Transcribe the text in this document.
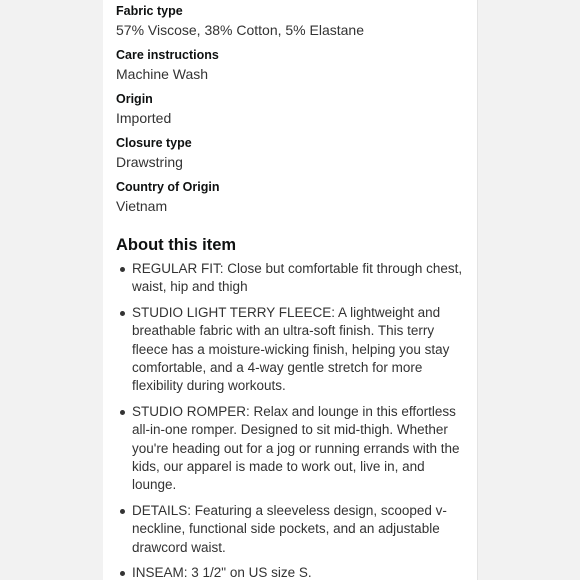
Fabric type
57% Viscose, 38% Cotton, 5% Elastane
Care instructions
Machine Wash
Origin
Imported
Closure type
Drawstring
Country of Origin
Vietnam
About this item
REGULAR FIT: Close but comfortable fit through chest, waist, hip and thigh
STUDIO LIGHT TERRY FLEECE: A lightweight and breathable fabric with an ultra-soft finish. This terry fleece has a moisture-wicking finish, helping you stay comfortable, and a 4-way gentle stretch for more flexibility during workouts.
STUDIO ROMPER: Relax and lounge in this effortless all-in-one romper. Designed to sit mid-thigh. Whether you're heading out for a jog or running errands with the kids, our apparel is made to work out, live in, and lounge.
DETAILS: Featuring a sleeveless design, scooped v-neckline, functional side pockets, and an adjustable drawcord waist.
INSEAM: 3 1/2" on US size S.
